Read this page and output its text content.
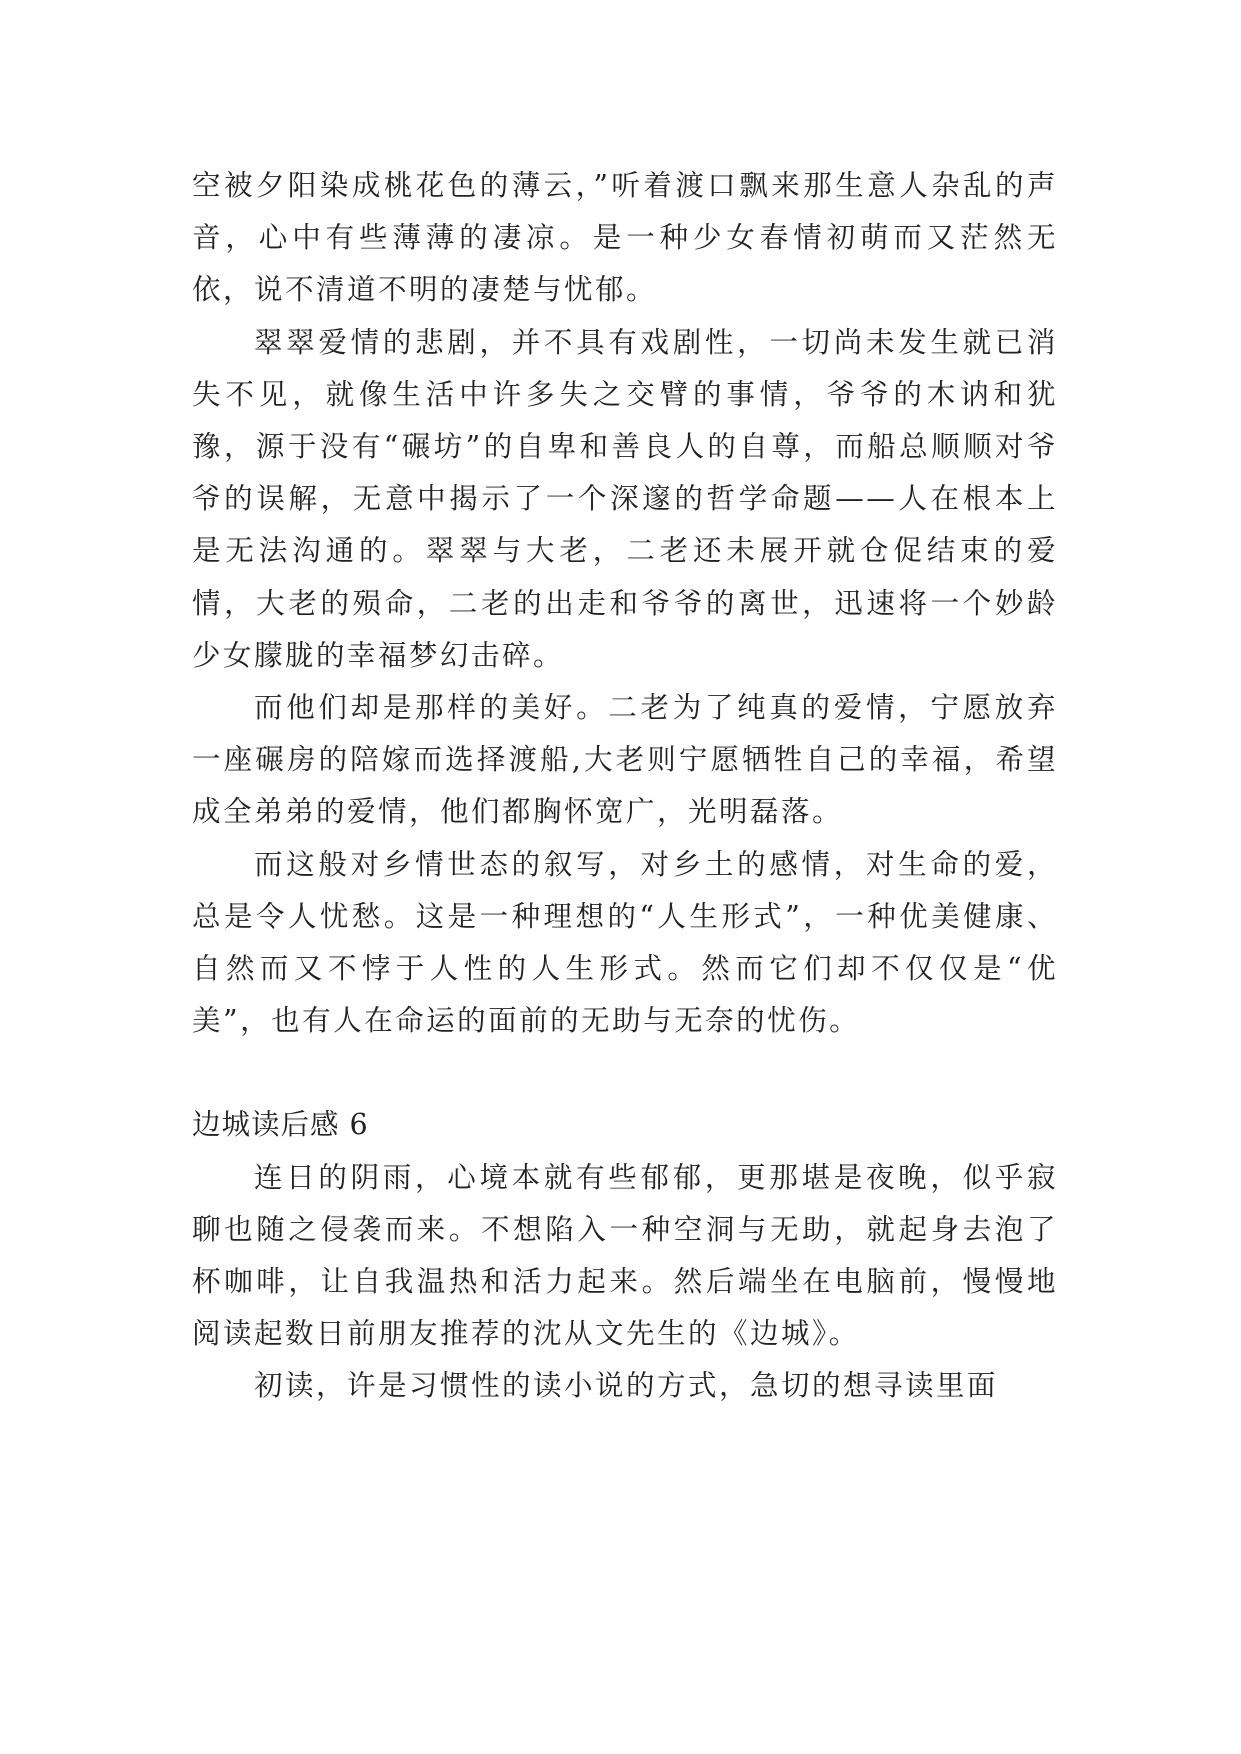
空被夕阳染成桃花色的薄云，”听着渡口飘来那生意人杂乱的声音，心中有些薄薄的凄凉。是一种少女春情初萌而又茫然无依，说不清道不明的凄楚与忧郁。

翠翠爱情的悲剧，并不具有戏剧性，一切尚未发生就已消失不见，就像生活中许多失之交臂的事情，爷爷的木讷和犹豫，源于没有“碾坊”的自卑和善良人的自尊，而船总顺顺对爷爷的误解，无意中揭示了一个深邃的哲学命题——人在根本上是无法沟通的。翠翠与大老，二老还未展开就仓促结束的爱情，大老的殒命，二老的出走和爷爷的离世，迅速将一个妙龄少女朦胧的幸福梦幻击碎。

而他们却是那样的美好。二老为了纯真的爱情，宁愿放弃一座碾房的陪嫁而选择渡船,大老则宁愿牺牲自己的幸福，希望成全弟弟的爱情，他们都胸怀宽广，光明磊落。

而这般对乡情世态的叙写，对乡土的感情，对生命的爱，总是令人忧愁。这是一种理想的“人生形式”，一种优美健康、自然而又不悖于人性的人生形式。然而它们却不仅仅是“优美”，也有人在命运的面前的无助与无奈的忧伤。

边城读后感 6

连日的阴雨，心境本就有些郁郁，更那堪是夜晚，似乎寂聊也随之侵袭而来。不想陷入一种空洞与无助，就起身去泡了杯咖啡，让自我温热和活力起来。然后端坐在电脑前，慢慢地阅读起数日前朋友推荐的沈从文先生的《边城》。

初读，许是习惯性的读小说的方式，急切的想寻读里面
